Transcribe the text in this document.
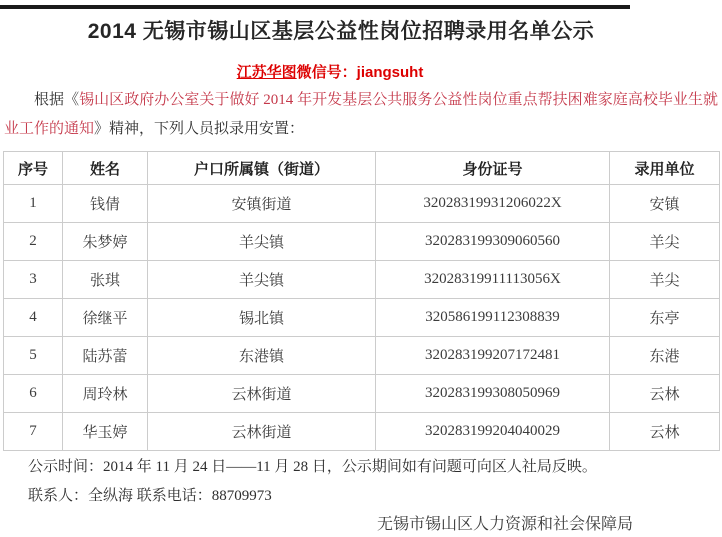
2014 无锡市锡山区基层公益性岗位招聘录用名单公示
江苏华图微信号：jiangsuht
根据《锡山区政府办公室关于做好 2014 年开发基层公共服务公益性岗位重点帮扶困难家庭高校毕业生就业工作的通知》精神，下列人员拟录用安置：
序号	姓名	户口所属镇（街道）	身份证号	录用单位
1	钱倩	安镇街道	32028319931206022X	安镇
2	朱梦婷	羊尖镇	320283199309060560	羊尖
3	张琪	羊尖镇	32028319911113056X	羊尖
4	徐继平	锡北镇	320586199112308839	东亭
5	陆苏蕾	东港镇	320283199207172481	东港
6	周玲林	云林街道	320283199308050969	云林
7	华玉婷	云林街道	320283199204040029	云林
公示时间：2014 年 11 月 24 日——11 月 28 日，公示期间如有问题可向区人社局反映。
联系人：全纵海 联系电话：88709973
无锡市锡山区人力资源和社会保障局
